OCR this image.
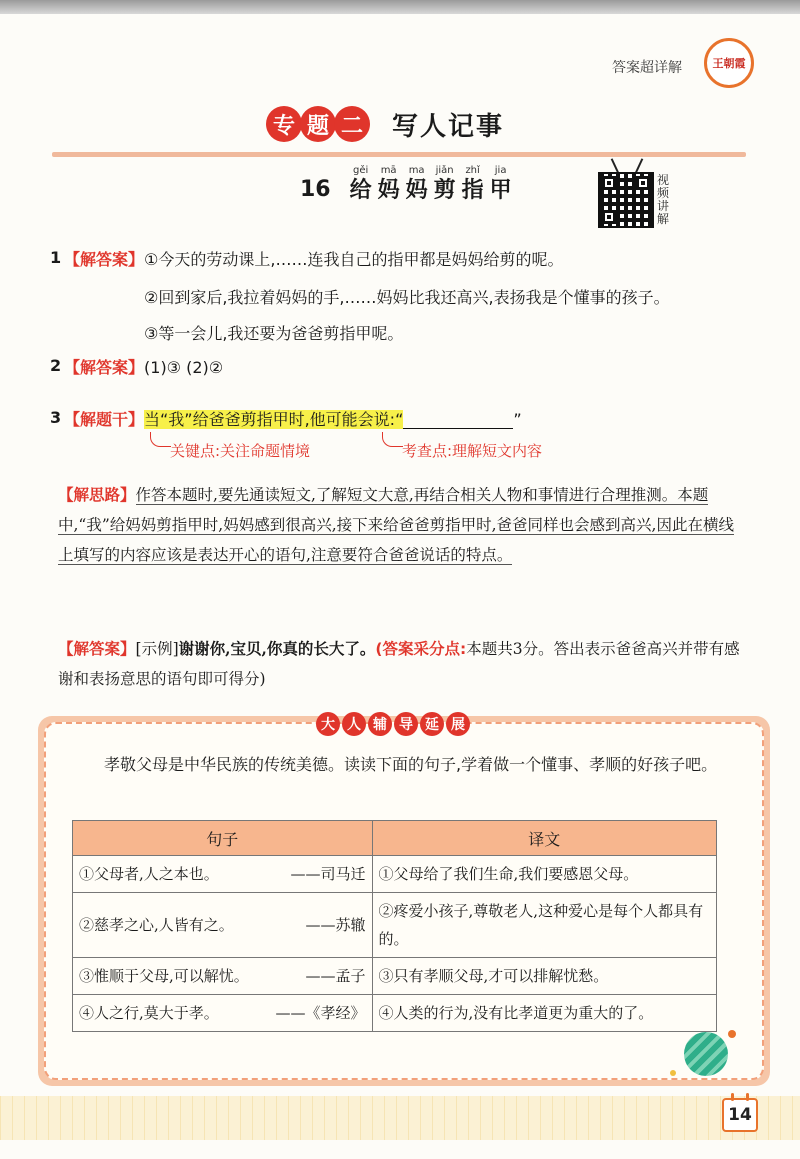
答案超详解	王朝霞
专 题 二 写人记事
16
gěi
给
mā
妈
ma
妈
jiǎn
剪
zhǐ
指
jia
甲	视频讲解
1 【解答案】①今天的劳动课上,……连我自己的指甲都是妈妈给剪的呢。
②回到家后,我拉着妈妈的手,……妈妈比我还高兴,表扬我是个懂事的孩子。
③等一会儿,我还要为爸爸剪指甲呢。
2 【解答案】(1)③ (2)②
3 【解题干】当“我”给爸爸剪指甲时,他可能会说:“	”
关键点:关注命题情境	考查点:理解短文内容
【解思路】作答本题时,要先通读短文,了解短文大意,再结合相关人物和事情进行合理推测。本题中,“我”给妈妈剪指甲时,妈妈感到很高兴,接下来给爸爸剪指甲时,爸爸同样也会感到高兴,因此在横线上填写的内容应该是表达开心的语句,注意要符合爸爸说话的特点。
【解答案】[示例]谢谢你,宝贝,你真的长大了。(答案采分点:本题共3分。答出表示爸爸高兴并带有感谢和表扬意思的语句即可得分)
大 人 辅 导 延 展
孝敬父母是中华民族的传统美德。读读下面的句子,学着做一个懂事、孝顺的好孩子吧。
句子	译文
①父母者,人之本也。 ——司马迁	①父母给了我们生命,我们要感恩父母。
②慈孝之心,人皆有之。 ——苏辙	②疼爱小孩子,尊敬老人,这种爱心是每个人都具有的。
③惟顺于父母,可以解忧。 ——孟子	③只有孝顺父母,才可以排解忧愁。
④人之行,莫大于孝。 ——《孝经》	④人类的行为,没有比孝道更为重大的了。
14
